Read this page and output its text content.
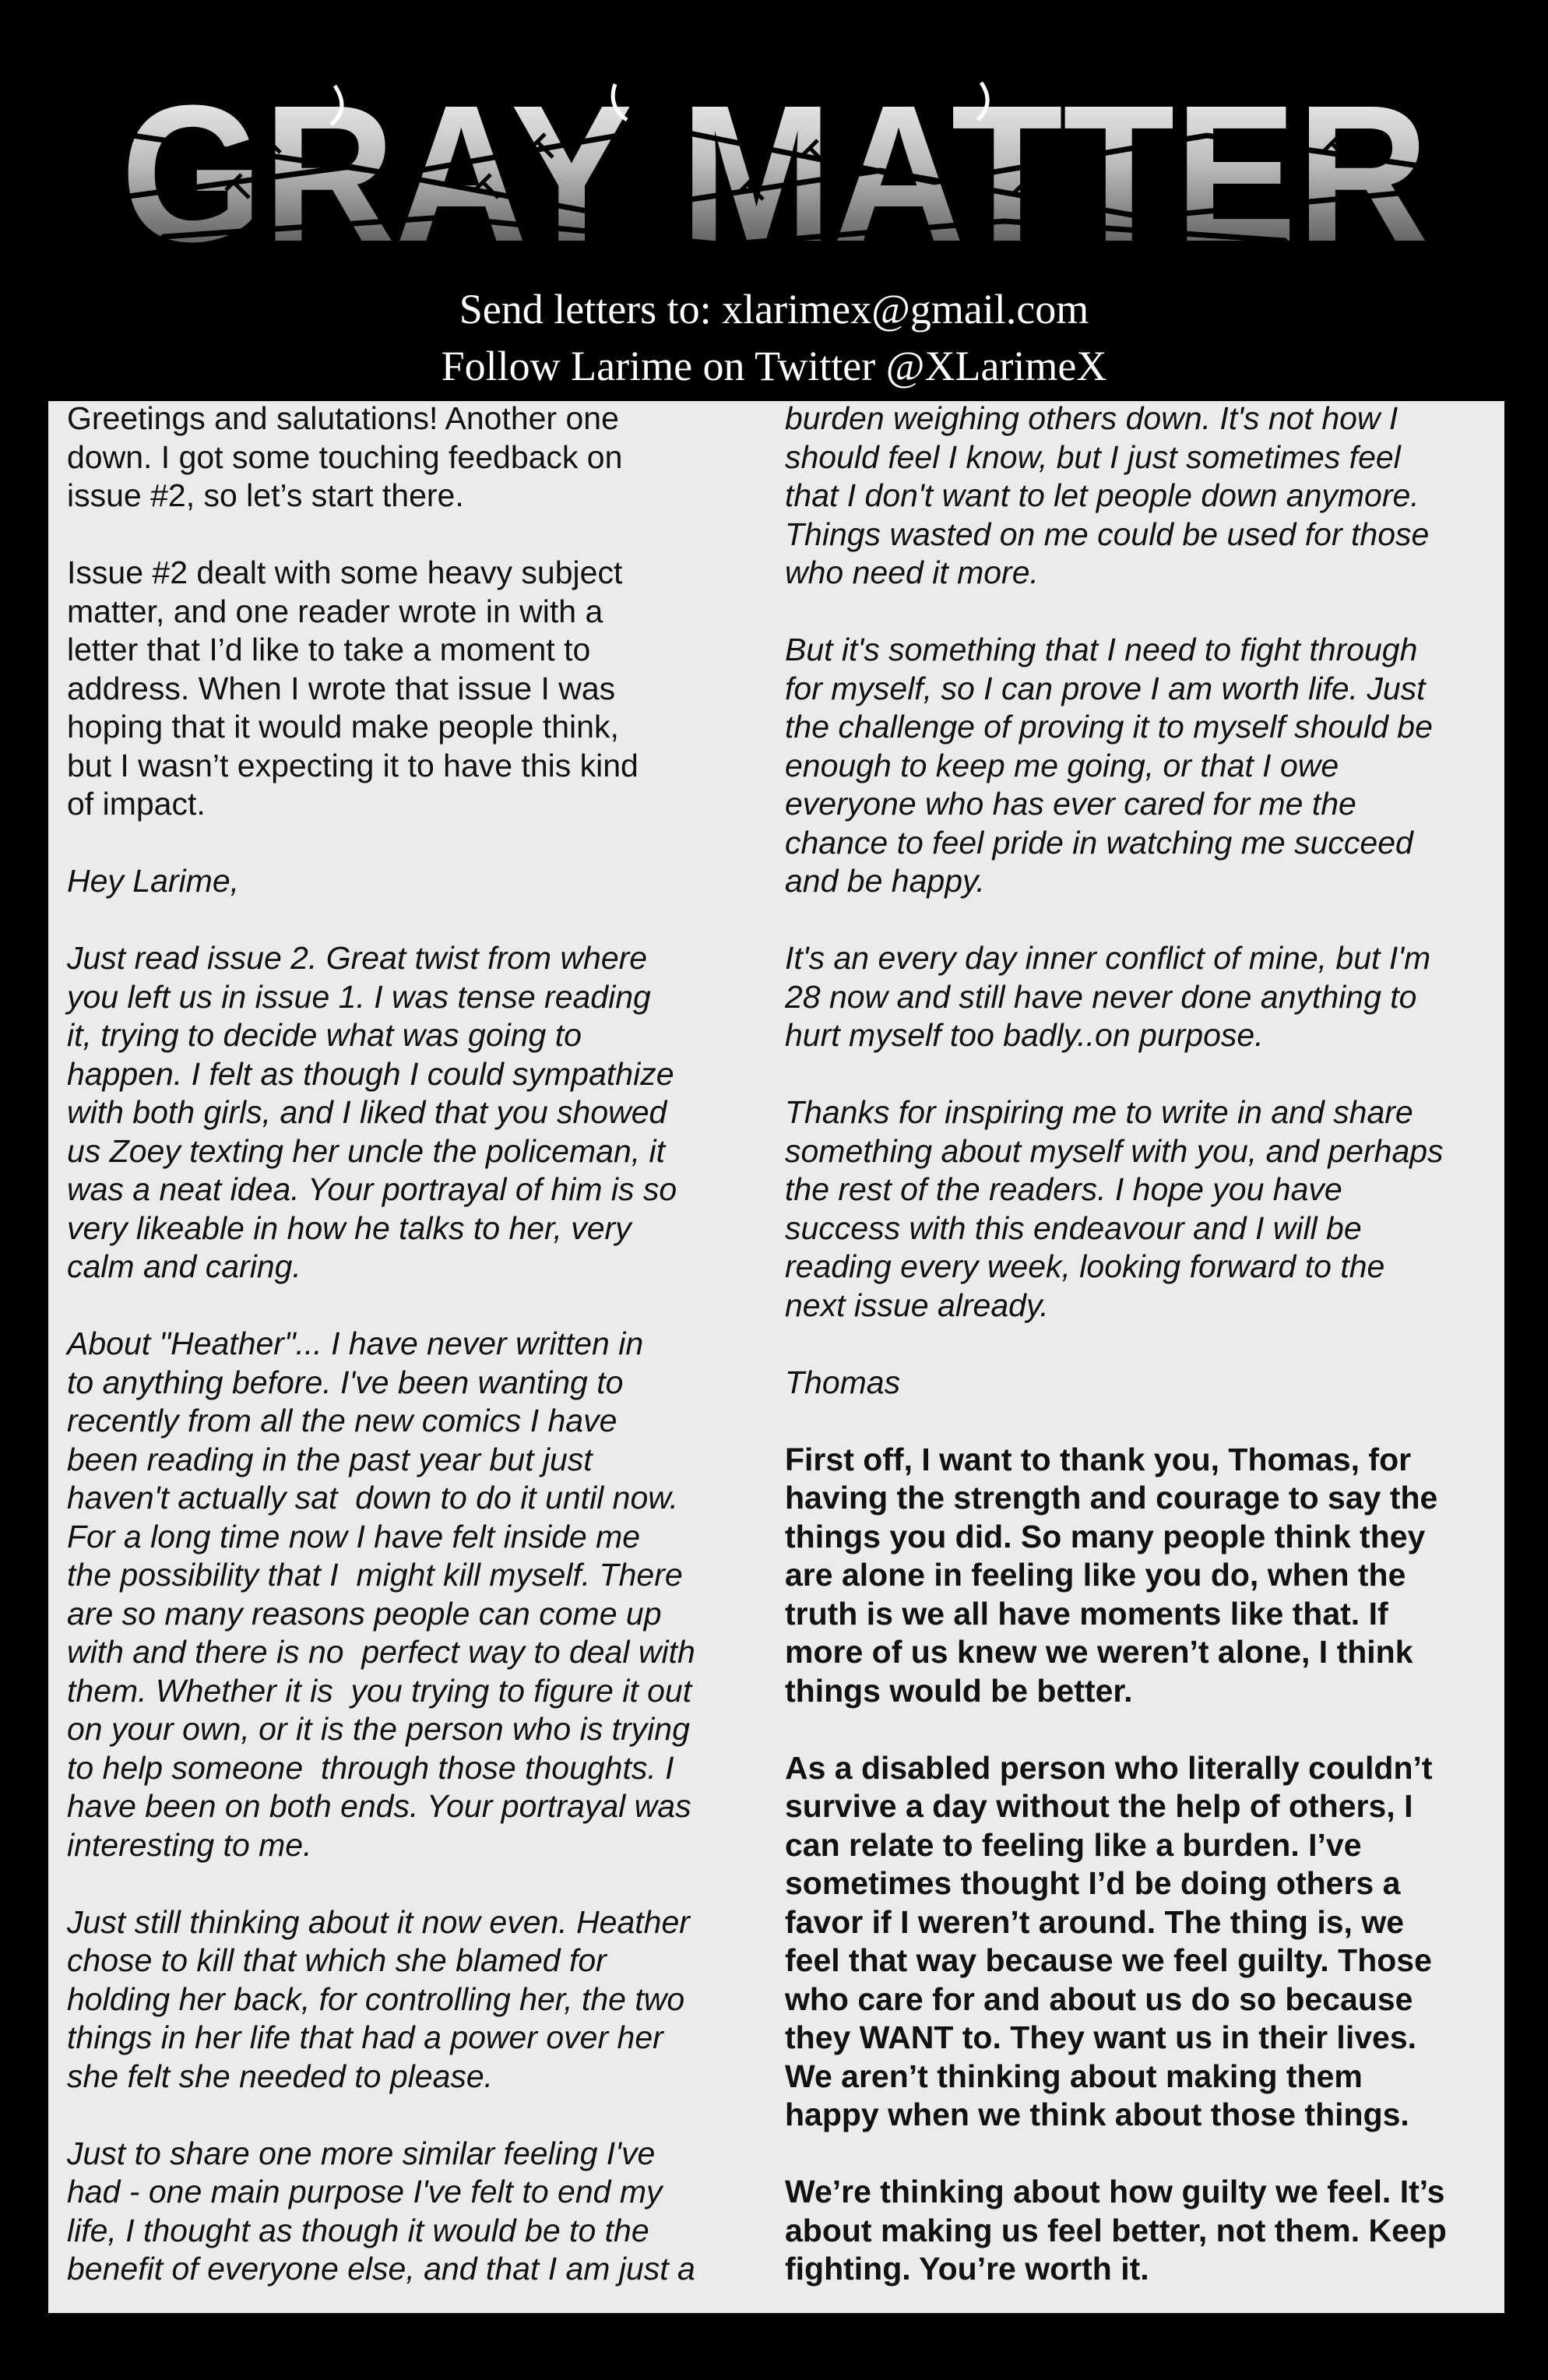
GRAY MATTER
Send letters to: xlarimex@gmail.com
Follow Larime on Twitter @XLarimeX

Greetings and salutations! Another one
down. I got some touching feedback on
issue #2, so let’s start there.

Issue #2 dealt with some heavy subject
matter, and one reader wrote in with a
letter that I’d like to take a moment to
address. When I wrote that issue I was
hoping that it would make people think,
but I wasn’t expecting it to have this kind
of impact.

Hey Larime,

Just read issue 2. Great twist from where
you left us in issue 1. I was tense reading
it, trying to decide what was going to
happen. I felt as though I could sympathize
with both girls, and I liked that you showed
us Zoey texting her uncle the policeman, it
was a neat idea. Your portrayal of him is so
very likeable in how he talks to her, very
calm and caring.

About "Heather"... I have never written in
to anything before. I've been wanting to
recently from all the new comics I have
been reading in the past year but just
haven't actually sat  down to do it until now.
For a long time now I have felt inside me
the possibility that I  might kill myself. There
are so many reasons people can come up
with and there is no  perfect way to deal with
them. Whether it is  you trying to figure it out
on your own, or it is the person who is trying
to help someone  through those thoughts. I
have been on both ends. Your portrayal was
interesting to me.

Just still thinking about it now even. Heather
chose to kill that which she blamed for
holding her back, for controlling her, the two
things in her life that had a power over her
she felt she needed to please.

Just to share one more similar feeling I've
had - one main purpose I've felt to end my
life, I thought as though it would be to the
benefit of everyone else, and that I am just a

burden weighing others down. It's not how I
should feel I know, but I just sometimes feel
that I don't want to let people down anymore.
Things wasted on me could be used for those
who need it more.

But it's something that I need to fight through
for myself, so I can prove I am worth life. Just
the challenge of proving it to myself should be
enough to keep me going, or that I owe
everyone who has ever cared for me the
chance to feel pride in watching me succeed
and be happy.

It's an every day inner conflict of mine, but I'm
28 now and still have never done anything to
hurt myself too badly..on purpose.

Thanks for inspiring me to write in and share
something about myself with you, and perhaps
the rest of the readers. I hope you have
success with this endeavour and I will be
reading every week, looking forward to the
next issue already.

Thomas

First off, I want to thank you, Thomas, for
having the strength and courage to say the
things you did. So many people think they
are alone in feeling like you do, when the
truth is we all have moments like that. If
more of us knew we weren’t alone, I think
things would be better.

As a disabled person who literally couldn’t
survive a day without the help of others, I
can relate to feeling like a burden. I’ve
sometimes thought I’d be doing others a
favor if I weren’t around. The thing is, we
feel that way because we feel guilty. Those
who care for and about us do so because
they WANT to. They want us in their lives.
We aren’t thinking about making them
happy when we think about those things.

We’re thinking about how guilty we feel. It’s
about making us feel better, not them. Keep
fighting. You’re worth it.
